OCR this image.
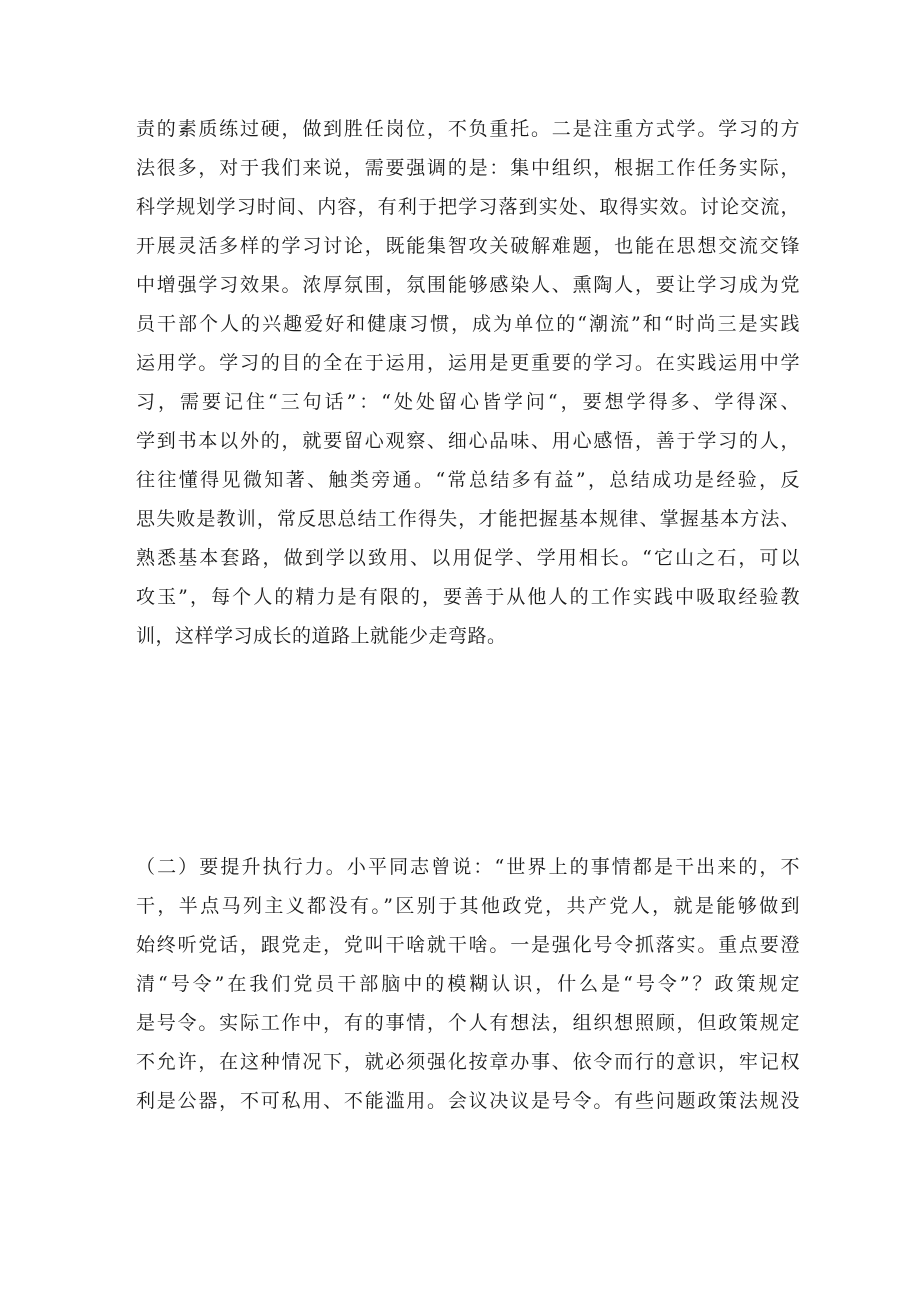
责的素质练过硬，做到胜任岗位，不负重托。二是注重方式学。学习的方
法很多，对于我们来说，需要强调的是：集中组织，根据工作任务实际，
科学规划学习时间、内容，有利于把学习落到实处、取得实效。讨论交流，
开展灵活多样的学习讨论，既能集智攻关破解难题，也能在思想交流交锋
中增强学习效果。浓厚氛围，氛围能够感染人、熏陶人，要让学习成为党
员干部个人的兴趣爱好和健康习惯，成为单位的“潮流”和“时尚三是实践
运用学。学习的目的全在于运用，运用是更重要的学习。在实践运用中学
习，需要记住“三句话”：“处处留心皆学问“，要想学得多、学得深、
学到书本以外的，就要留心观察、细心品味、用心感悟，善于学习的人，
往往懂得见微知著、触类旁通。“常总结多有益”，总结成功是经验，反
思失败是教训，常反思总结工作得失，才能把握基本规律、掌握基本方法、
熟悉基本套路，做到学以致用、以用促学、学用相长。“它山之石，可以
攻玉”，每个人的精力是有限的，要善于从他人的工作实践中吸取经验教
训，这样学习成长的道路上就能少走弯路。
（二）要提升执行力。小平同志曾说：“世界上的事情都是干出来的，不
干，半点马列主义都没有。”区别于其他政党，共产党人，就是能够做到
始终听党话，跟党走，党叫干啥就干啥。一是强化号令抓落实。重点要澄
清“号令”在我们党员干部脑中的模糊认识，什么是“号令”？政策规定
是号令。实际工作中，有的事情，个人有想法，组织想照顾，但政策规定
不允许，在这种情况下，就必须强化按章办事、依令而行的意识，牢记权
利是公器，不可私用、不能滥用。会议决议是号令。有些问题政策法规没
